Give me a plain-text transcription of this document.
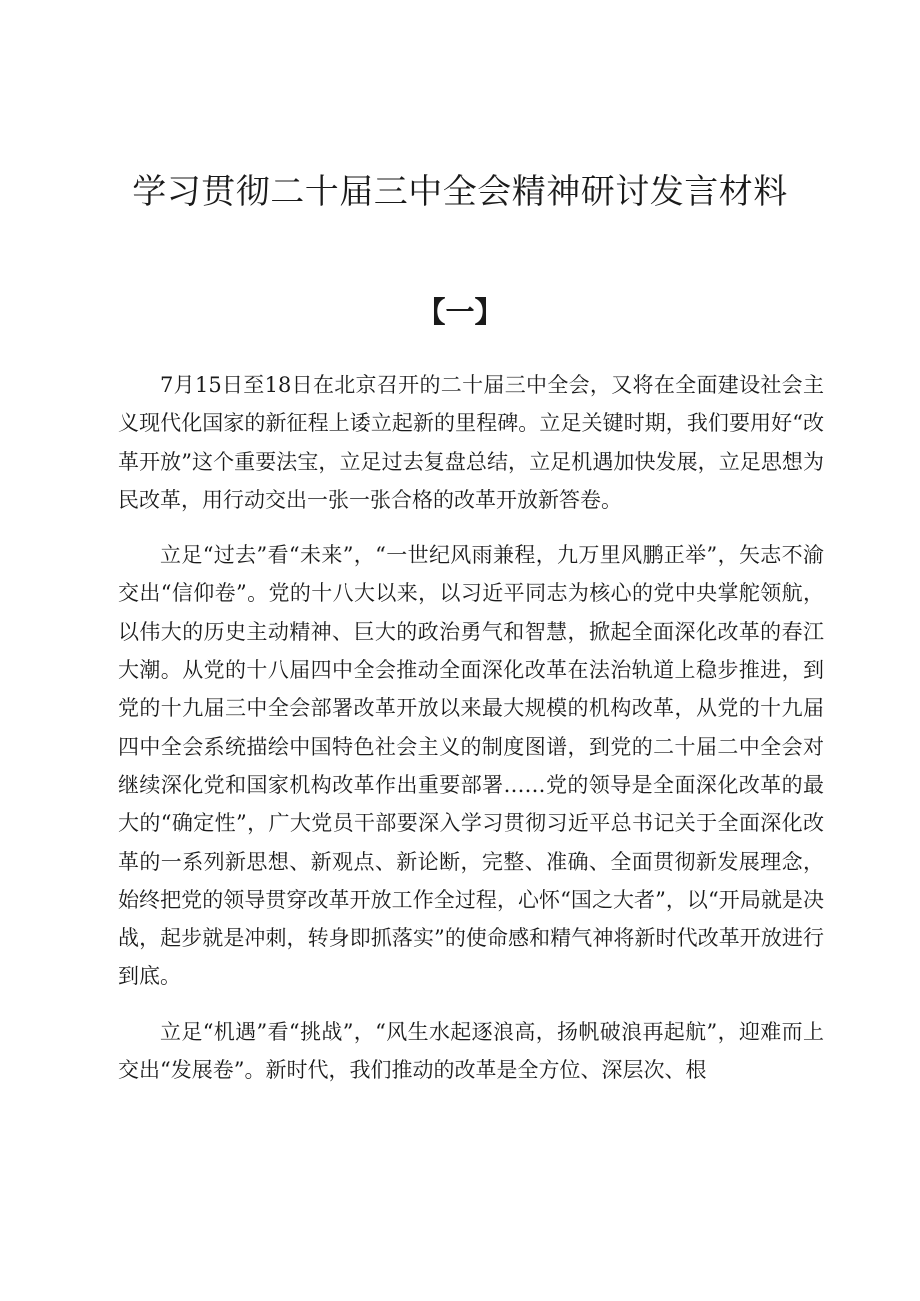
学习贯彻二十届三中全会精神研讨发言材料
【一】

7月15日至18日在北京召开的二十届三中全会，又将在全面建设社会主义现代化国家的新征程上诿立起新的里程碑。立足关键时期，我们要用好“改革开放”这个重要法宝，立足过去复盘总结，立足机遇加快发展，立足思想为民改革，用行动交出一张一张合格的改革开放新答卷。

立足“过去”看“未来”，“一世纪风雨兼程，九万里风鹏正举”，矢志不渝交出“信仰卷”。党的十八大以来，以习近平同志为核心的党中央掌舵领航，以伟大的历史主动精神、巨大的政治勇气和智慧，掀起全面深化改革的春江大潮。从党的十八届四中全会推动全面深化改革在法治轨道上稳步推进，到党的十九届三中全会部署改革开放以来最大规模的机构改革，从党的十九届四中全会系统描绘中国特色社会主义的制度图谱，到党的二十届二中全会对继续深化党和国家机构改革作出重要部署……党的领导是全面深化改革的最大的“确定性”，广大党员干部要深入学习贯彻习近平总书记关于全面深化改革的一系列新思想、新观点、新论断，完整、准确、全面贯彻新发展理念，始终把党的领导贯穿改革开放工作全过程，心怀“国之大者”，以“开局就是决战，起步就是冲刺，转身即抓落实”的使命感和精气神将新时代改革开放进行到底。

立足“机遇”看“挑战”，“风生水起逐浪高，扬帆破浪再起航”，迎难而上交出“发展卷”。新时代，我们推动的改革是全方位、深层次、根
